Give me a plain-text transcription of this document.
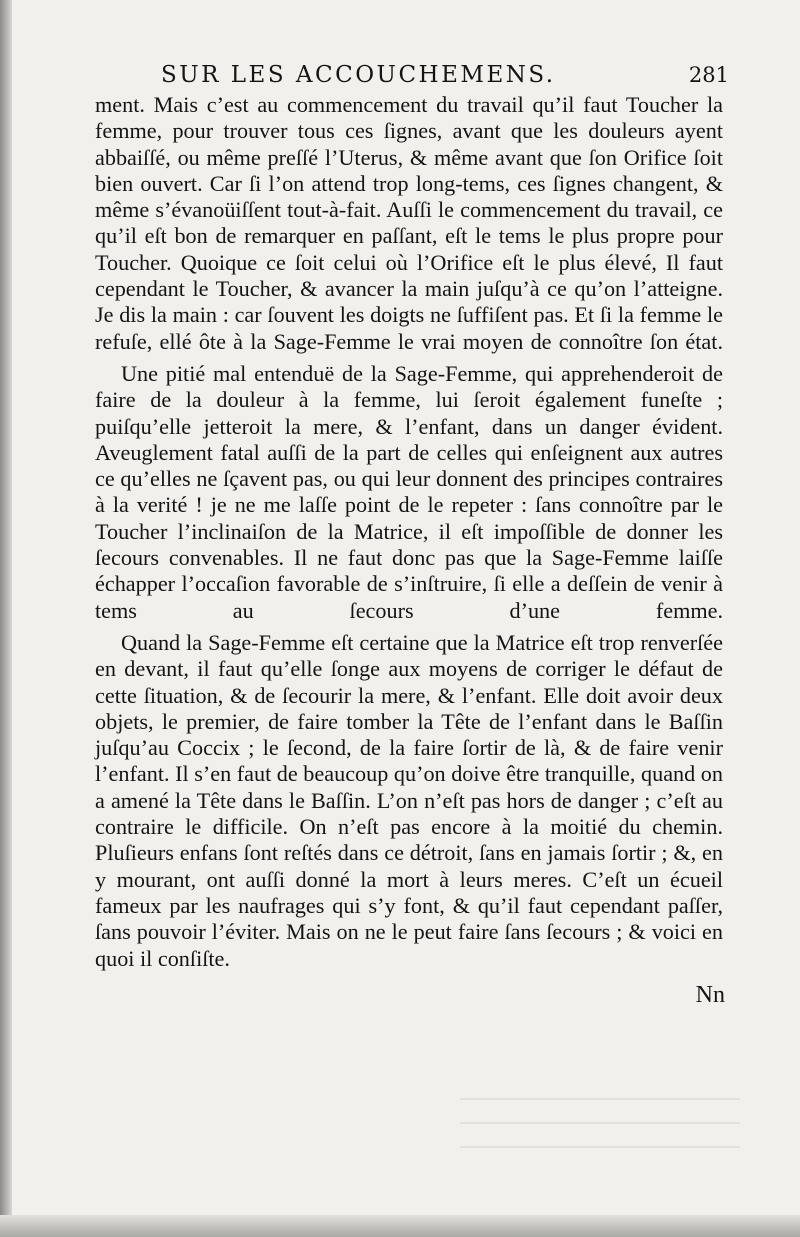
SUR LES ACCOUCHEMENS.	281

ment. Mais c’est au commencement du travail qu’il faut Toucher la femme, pour trouver tous ces ſignes, avant que les douleurs ayent abbaiſſé, ou même preſſé l’Uterus, & même avant que ſon Orifice ſoit bien ouvert. Car ſi l’on attend trop long-tems, ces ſignes changent, & même s’évanoüiſſent tout-à-fait. Auſſi le commencement du travail, ce qu’il eſt bon de remarquer en paſſant, eſt le tems le plus propre pour Toucher. Quoique ce ſoit celui où l’Orifice eſt le plus élevé, Il faut cependant le Toucher, & avancer la main juſqu’à ce qu’on l’atteigne. Je dis la main : car ſouvent les doigts ne ſuffiſent pas. Et ſi la femme le refuſe, ellé ôte à la Sage-Femme le vrai moyen de connoître ſon état.

Une pitié mal entenduë de la Sage-Femme, qui apprehenderoit de faire de la douleur à la femme, lui ſeroit également funeſte ; puiſqu’elle jetteroit la mere, & l’enfant, dans un danger évident. Aveuglement fatal auſſi de la part de celles qui enſeignent aux autres ce qu’elles ne ſçavent pas, ou qui leur donnent des principes contraires à la verité ! je ne me laſſe point de le repeter : ſans connoître par le Toucher l’inclinaiſon de la Matrice, il eſt impoſſible de donner les ſecours convenables. Il ne faut donc pas que la Sage-Femme laiſſe échapper l’occaſion favorable de s’inſtruire, ſi elle a deſſein de venir à tems au ſecours d’une femme.

Quand la Sage-Femme eſt certaine que la Matrice eſt trop renverſée en devant, il faut qu’elle ſonge aux moyens de corriger le défaut de cette ſituation, & de ſecourir la mere, & l’enfant. Elle doit avoir deux objets, le premier, de faire tomber la Tête de l’enfant dans le Baſſin juſqu’au Coccix ; le ſecond, de la faire ſortir de là, & de faire venir l’enfant. Il s’en faut de beaucoup qu’on doive être tranquille, quand on a amené la Tête dans le Baſſin. L’on n’eſt pas hors de danger ; c’eſt au contraire le difficile. On n’eſt pas encore à la moitié du chemin. Pluſieurs enfans ſont reſtés dans ce détroit, ſans en jamais ſortir ; &, en y mourant, ont auſſi donné la mort à leurs meres. C’eſt un écueil fameux par les naufrages qui s’y font, & qu’il faut cependant paſſer, ſans pouvoir l’éviter. Mais on ne le peut faire ſans ſecours ; & voici en quoi il conſiſte.

Nn
